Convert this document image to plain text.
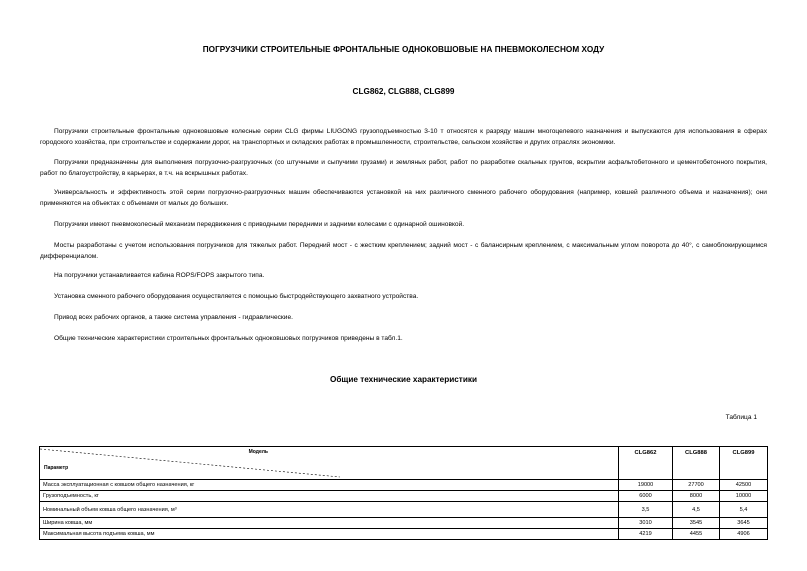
ПОГРУЗЧИКИ СТРОИТЕЛЬНЫЕ ФРОНТАЛЬНЫЕ ОДНОКОВШОВЫЕ НА ПНЕВМОКОЛЕСНОМ ХОДУ
CLG862, CLG888, CLG899
Погрузчики строительные фронтальные одноковшовые колесные серии CLG фирмы LIUGONG грузоподъемностью 3-10 т относятся к разряду машин многоцелевого назначения и выпускаются для использования в сферах городского хозяйства, при строительстве и содержании дорог, на транспортных и складских работах в промышленности, строительстве, сельском хозяйстве и других отраслях экономики.
Погрузчики предназначены для выполнения погрузочно-разгрузочных (со штучными и сыпучими грузами) и земляных работ, работ по разработке скальных грунтов, вскрытии асфальтобетонного и цементобетонного покрытия, работ по благоустройству, в карьерах, в т.ч. на вскрышных работах.
Универсальность и эффективность этой серии погрузочно-разгрузочных машин обеспечиваются установкой на них различного сменного рабочего оборудования (например, ковшей различного объема и назначения); они применяются на объектах с объемами от малых до больших.
Погрузчики имеют пневмоколесный механизм передвижения с приводными передними и задними колесами с одинарной ошиновкой.
Мосты разработаны с учетом использования погрузчиков для тяжелых работ. Передний мост - с жестким креплением; задний мост - с балансирным креплением, с максимальным углом поворота до 40°, с самоблокирующимся дифференциалом.
На погрузчики устанавливается кабина ROPS/FOPS закрытого типа.
Установка сменного рабочего оборудования осуществляется с помощью быстродействующего захватного устройства.
Привод всех рабочих органов, а также система управления - гидравлические.
Общие технические характеристики строительных фронтальных одноковшовых погрузчиков приведены в табл.1.
Общие технические характеристики
Таблица 1
Модель
Параметр	CLG862	CLG888	CLG899
Масса эксплуатационная с ковшом общего назначения, кг	19000	27700	42500
Грузоподъемность, кг	6000	8000	10000
Номинальный объем ковша общего назначения, м³	3,5	4,5	5,4
Ширина ковша, мм	3010	3545	3645
Максимальная высота подъема ковша, мм	4219	4455	4906
